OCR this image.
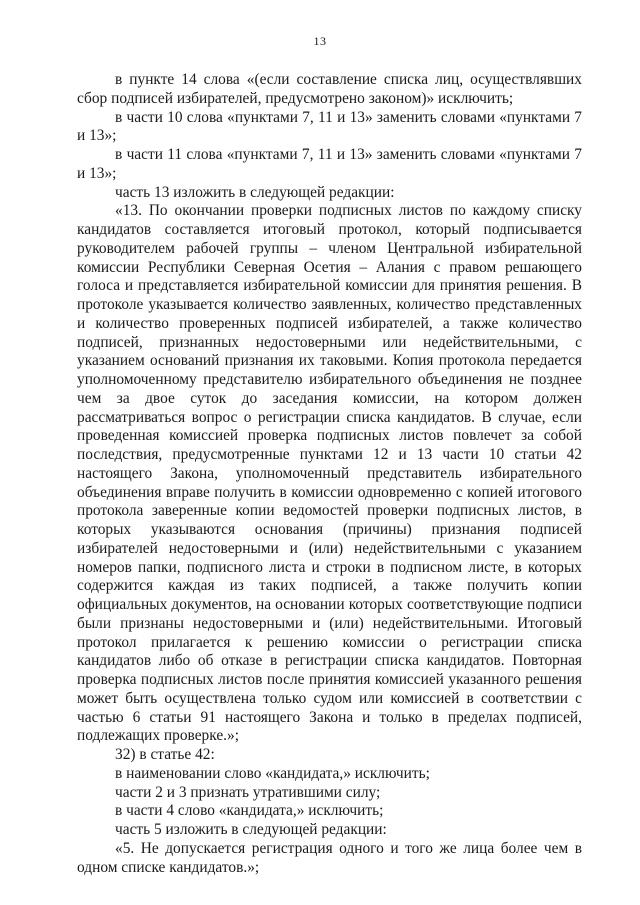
13

в пункте 14 слова «(если составление списка лиц, осуществлявших сбор подписей избирателей, предусмотрено законом)» исключить;

в части 10 слова «пунктами 7, 11 и 13» заменить словами «пунктами 7 и 13»;

в части 11 слова «пунктами 7, 11 и 13» заменить словами «пунктами 7 и 13»;

часть 13 изложить в следующей редакции:

«13. По окончании проверки подписных листов по каждому списку кандидатов составляется итоговый протокол, который подписывается руководителем рабочей группы – членом Центральной избирательной комиссии Республики Северная Осетия – Алания с правом решающего голоса и представляется избирательной комиссии для принятия решения. В протоколе указывается количество заявленных, количество представленных и количество проверенных подписей избирателей, а также количество подписей, признанных недостоверными или недействительными, с указанием оснований признания их таковыми. Копия протокола передается уполномоченному представителю избирательного объединения не позднее чем за двое суток до заседания комиссии, на котором должен рассматриваться вопрос о регистрации списка кандидатов. В случае, если проведенная комиссией проверка подписных листов повлечет за собой последствия, предусмотренные пунктами 12 и 13 части 10 статьи 42 настоящего Закона, уполномоченный представитель избирательного объединения вправе получить в комиссии одновременно с копией итогового протокола заверенные копии ведомостей проверки подписных листов, в которых указываются основания (причины) признания подписей избирателей недостоверными и (или) недействительными с указанием номеров папки, подписного листа и строки в подписном листе, в которых содержится каждая из таких подписей, а также получить копии официальных документов, на основании которых соответствующие подписи были признаны недостоверными и (или) недействительными. Итоговый протокол прилагается к решению комиссии о регистрации списка кандидатов либо об отказе в регистрации списка кандидатов. Повторная проверка подписных листов после принятия комиссией указанного решения может быть осуществлена только судом или комиссией в соответствии с частью 6 статьи 91 настоящего Закона и только в пределах подписей, подлежащих проверке.»;

32) в статье 42:

в наименовании слово «кандидата,» исключить;

части 2 и 3 признать утратившими силу;

в части 4 слово «кандидата,» исключить;

часть 5 изложить в следующей редакции:

«5. Не допускается регистрация одного и того же лица более чем в одном списке кандидатов.»;
